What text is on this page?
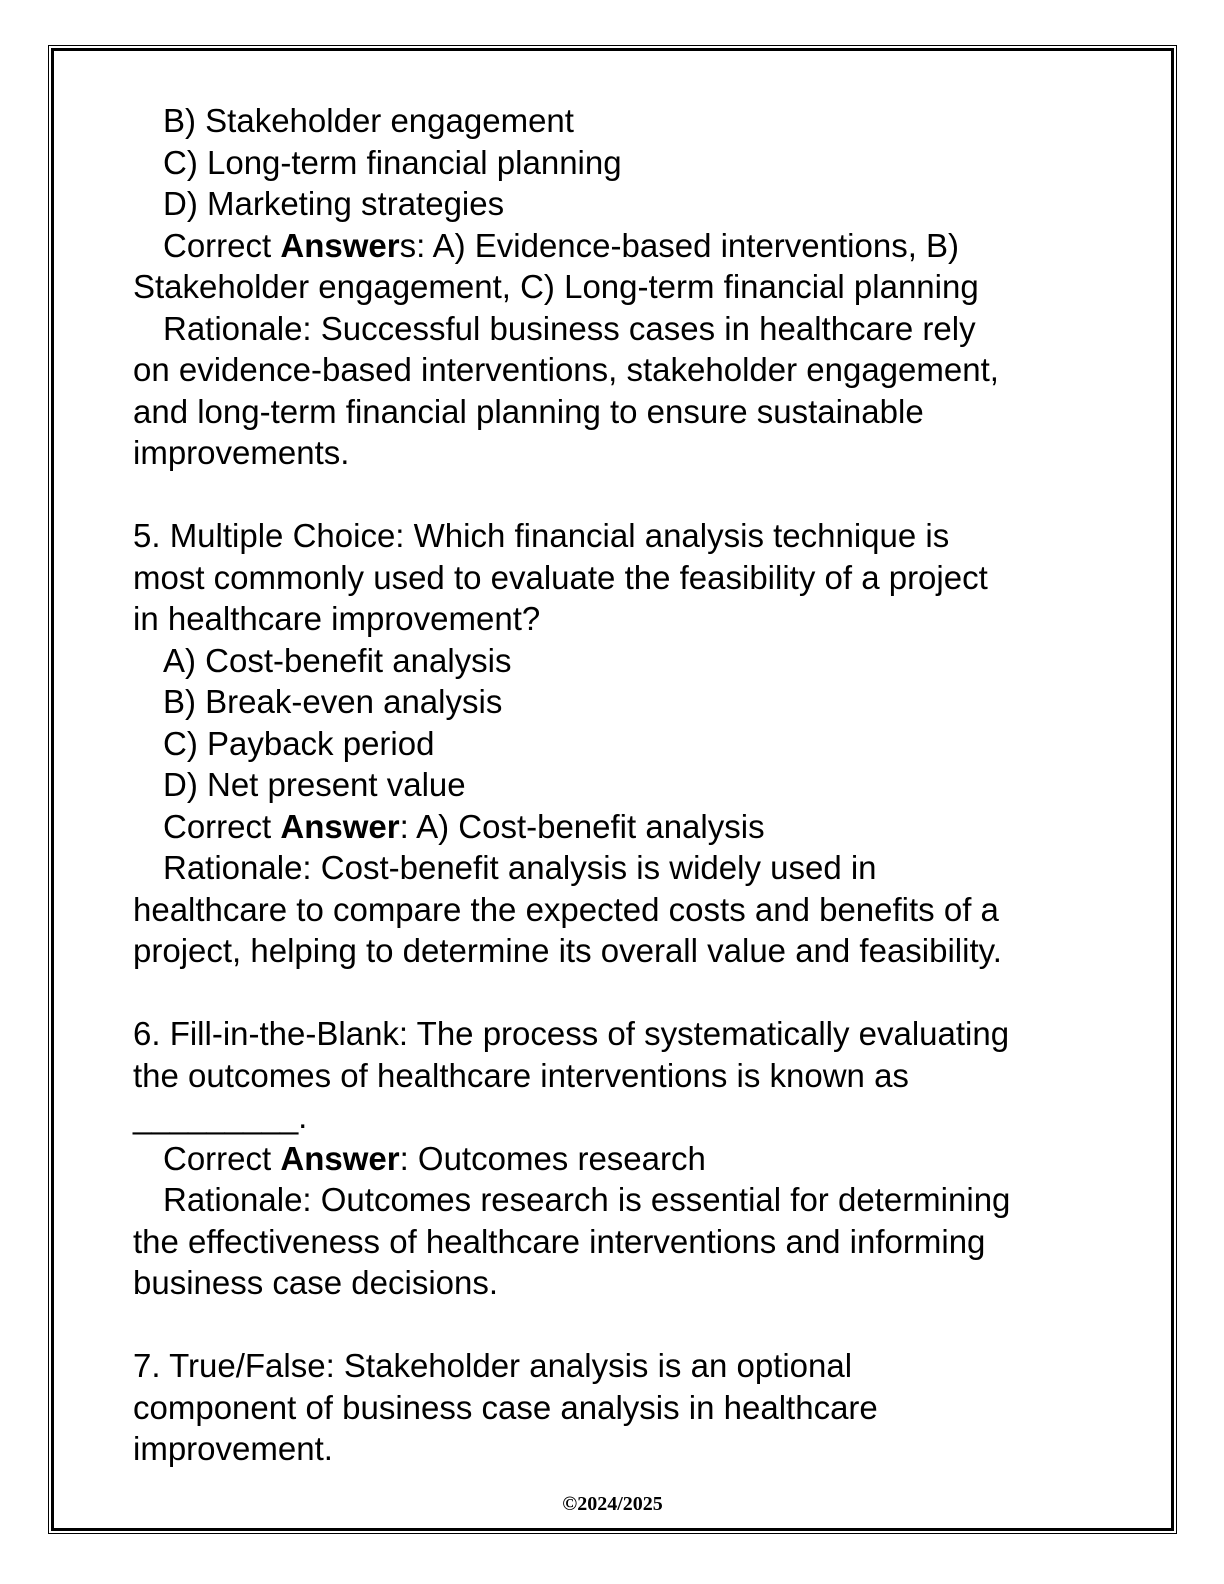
©2024/2025
B) Stakeholder engagement
C) Long-term financial planning
D) Marketing strategies
Correct Answers: A) Evidence-based interventions, B)
Stakeholder engagement, C) Long-term financial planning
Rationale: Successful business cases in healthcare rely
on evidence-based interventions, stakeholder engagement,
and long-term financial planning to ensure sustainable
improvements.

5. Multiple Choice: Which financial analysis technique is
most commonly used to evaluate the feasibility of a project
in healthcare improvement?
A) Cost-benefit analysis
B) Break-even analysis
C) Payback period
D) Net present value
Correct Answer: A) Cost-benefit analysis
Rationale: Cost-benefit analysis is widely used in
healthcare to compare the expected costs and benefits of a
project, helping to determine its overall value and feasibility.

6. Fill-in-the-Blank: The process of systematically evaluating
the outcomes of healthcare interventions is known as
_________.
Correct Answer: Outcomes research
Rationale: Outcomes research is essential for determining
the effectiveness of healthcare interventions and informing
business case decisions.

7. True/False: Stakeholder analysis is an optional
component of business case analysis in healthcare
improvement.
